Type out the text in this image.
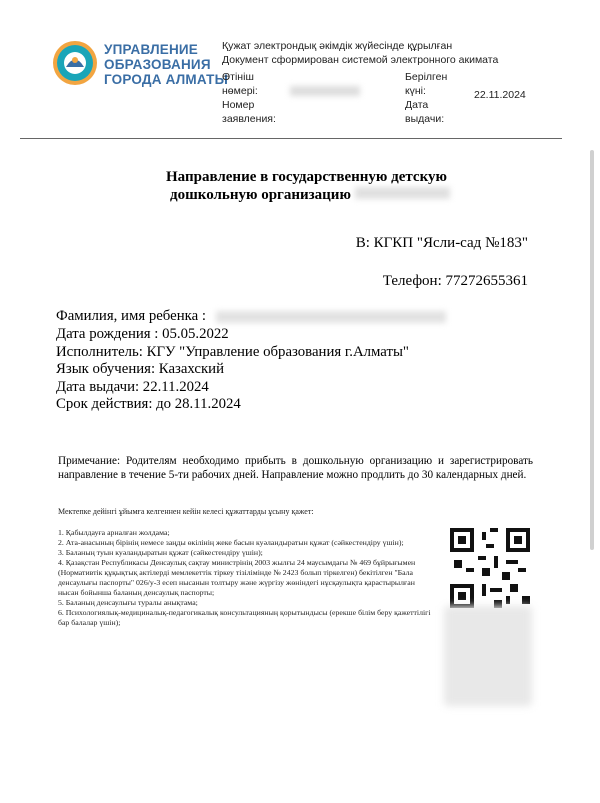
УПРАВЛЕНИЕ
ОБРАЗОВАНИЯ
ГОРОДА АЛМАТЫ
Қужат электрондық әкімдік жүйесінде құрылған
Документ сформирован системой электронного акимата
Өтініш
нөмері:
Номер
заявления:
Берілген
күні:
Дата
выдачи:
22.11.2024
Направление в государственную детскую
дошкольную организацию
В: КГКП "Ясли-сад №183"
Телефон: 77272655361
Фамилия, имя ребенка :
Дата рождения : 05.05.2022
Исполнитель: КГУ "Управление образования г.Алматы"
Язык обучения: Казахский
Дата выдачи: 22.11.2024
Срок действия: до 28.11.2024
Примечание: Родителям необходимо прибыть в дошкольную организацию и зарегистрировать направление в течение 5-ти рабочих дней. Направление можно продлить до 30 календарных дней.
Мектепке дейінгі ұйымға келгеннен кейін келесі құжаттарды ұсыну қажет:
1. Қабылдауға арналған жолдама;
2. Ата-анасының бірінің немесе заңды өкілінің жеке басын куәландыратын құжат (сәйкестендіру үшін);
3. Баланың туын куәландыратын құжат (сәйкестендіру үшін);
4. Қазақстан Республикасы Денсаулық сақтау министрінің 2003 жылғы 24 маусымдағы № 469 бұйрығымен (Нормативтік құқықтық актілерді мемлекеттік тіркеу тізілімінде № 2423 болып тіркелген) бекітілген "Бала денсаулығы паспорты" 026/у-3 есеп нысанын толтыру және жүргізу жөніндегі нұсқаулықта қарастырылған нысан бойынша баланың денсаулық паспорты;
5. Баланың денсаулығы туралы анықтама;
6. Психологиялық-медициналық-педагогикалық консультацияның қорытындысы (ерекше білім беру қажеттілігі бар балалар үшін);
